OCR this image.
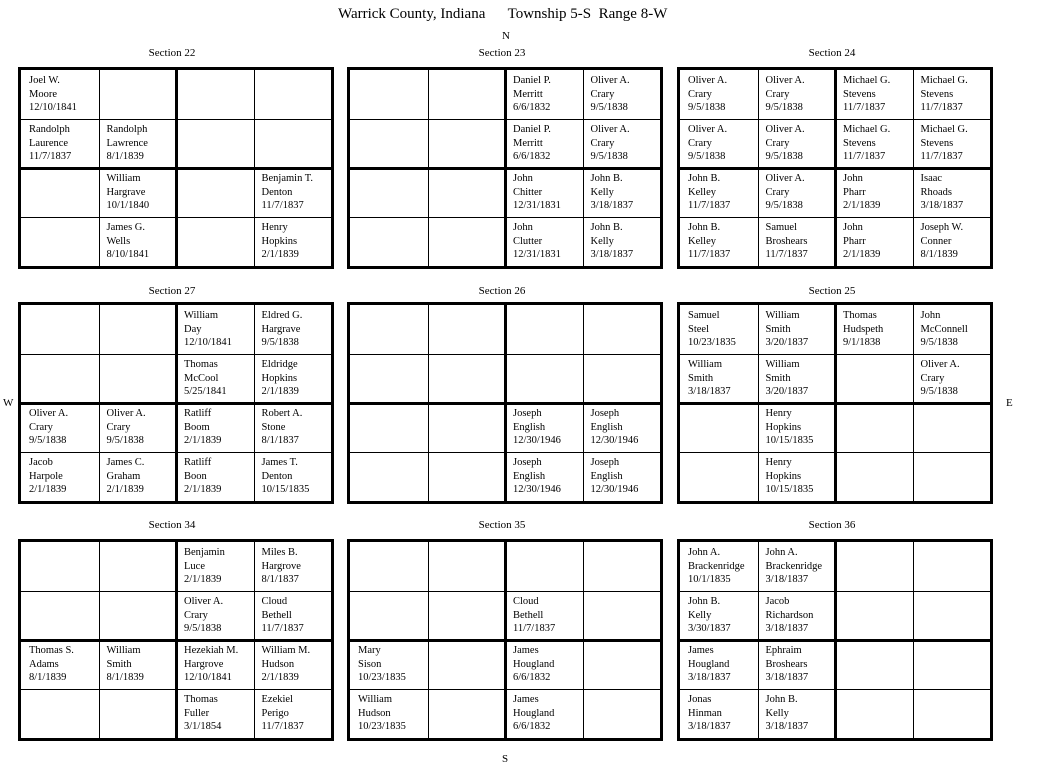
Warrick County, Indiana      Township 5-S  Range 8-W
N
S
W	E
Section 22
Joel W.
Moore
12/10/1841
Randolph
Laurence
11/7/1837
Randolph
Lawrence
8/1/1839
William
Hargrave
10/1/1840
Benjamin T.
Denton
11/7/1837
James G.
Wells
8/10/1841
Henry
Hopkins
2/1/1839
Section 23
Daniel P.
Merritt
6/6/1832
Oliver A.
Crary
9/5/1838
Daniel P.
Merritt
6/6/1832
Oliver A.
Crary
9/5/1838
John
Chitter
12/31/1831
John B.
Kelly
3/18/1837
John
Clutter
12/31/1831
John B.
Kelly
3/18/1837
Section 24
Oliver A.
Crary
9/5/1838
Oliver A.
Crary
9/5/1838
Michael G.
Stevens
11/7/1837
Michael G.
Stevens
11/7/1837
Oliver A.
Crary
9/5/1838
Oliver A.
Crary
9/5/1838
Michael G.
Stevens
11/7/1837
Michael G.
Stevens
11/7/1837
John B.
Kelley
11/7/1837
Oliver A.
Crary
9/5/1838
John
Pharr
2/1/1839
Isaac
Rhoads
3/18/1837
John B.
Kelley
11/7/1837
Samuel
Broshears
11/7/1837
John
Pharr
2/1/1839
Joseph W.
Conner
8/1/1839
Section 27
William
Day
12/10/1841
Eldred G.
Hargrave
9/5/1838
Thomas
McCool
5/25/1841
Eldridge
Hopkins
2/1/1839
Oliver A.
Crary
9/5/1838
Oliver A.
Crary
9/5/1838
Ratliff
Boom
2/1/1839
Robert A.
Stone
8/1/1837
Jacob
Harpole
2/1/1839
James C.
Graham
2/1/1839
Ratliff
Boon
2/1/1839
James T.
Denton
10/15/1835
Section 26
Joseph
English
12/30/1946
Joseph
English
12/30/1946
Joseph
English
12/30/1946
Joseph
English
12/30/1946
Section 25
Samuel
Steel
10/23/1835
William
Smith
3/20/1837
Thomas
Hudspeth
9/1/1838
John
McConnell
9/5/1838
William
Smith
3/18/1837
William
Smith
3/20/1837
Oliver A.
Crary
9/5/1838
Henry
Hopkins
10/15/1835
Henry
Hopkins
10/15/1835
Section 34
Benjamin
Luce
2/1/1839
Miles B.
Hargrove
8/1/1837
Oliver A.
Crary
9/5/1838
Cloud
Bethell
11/7/1837
Thomas S.
Adams
8/1/1839
William
Smith
8/1/1839
Hezekiah M.
Hargrove
12/10/1841
William M.
Hudson
2/1/1839
Thomas
Fuller
3/1/1854
Ezekiel
Perigo
11/7/1837
Section 35
Cloud
Bethell
11/7/1837
Mary
Sison
10/23/1835
James
Hougland
6/6/1832
William
Hudson
10/23/1835
James
Hougland
6/6/1832
Section 36
John A.
Brackenridge
10/1/1835
John A.
Brackenridge
3/18/1837
John B.
Kelly
3/30/1837
Jacob
Richardson
3/18/1837
James
Hougland
3/18/1837
Ephraim
Broshears
3/18/1837
Jonas
Hinman
3/18/1837
John B.
Kelly
3/18/1837
